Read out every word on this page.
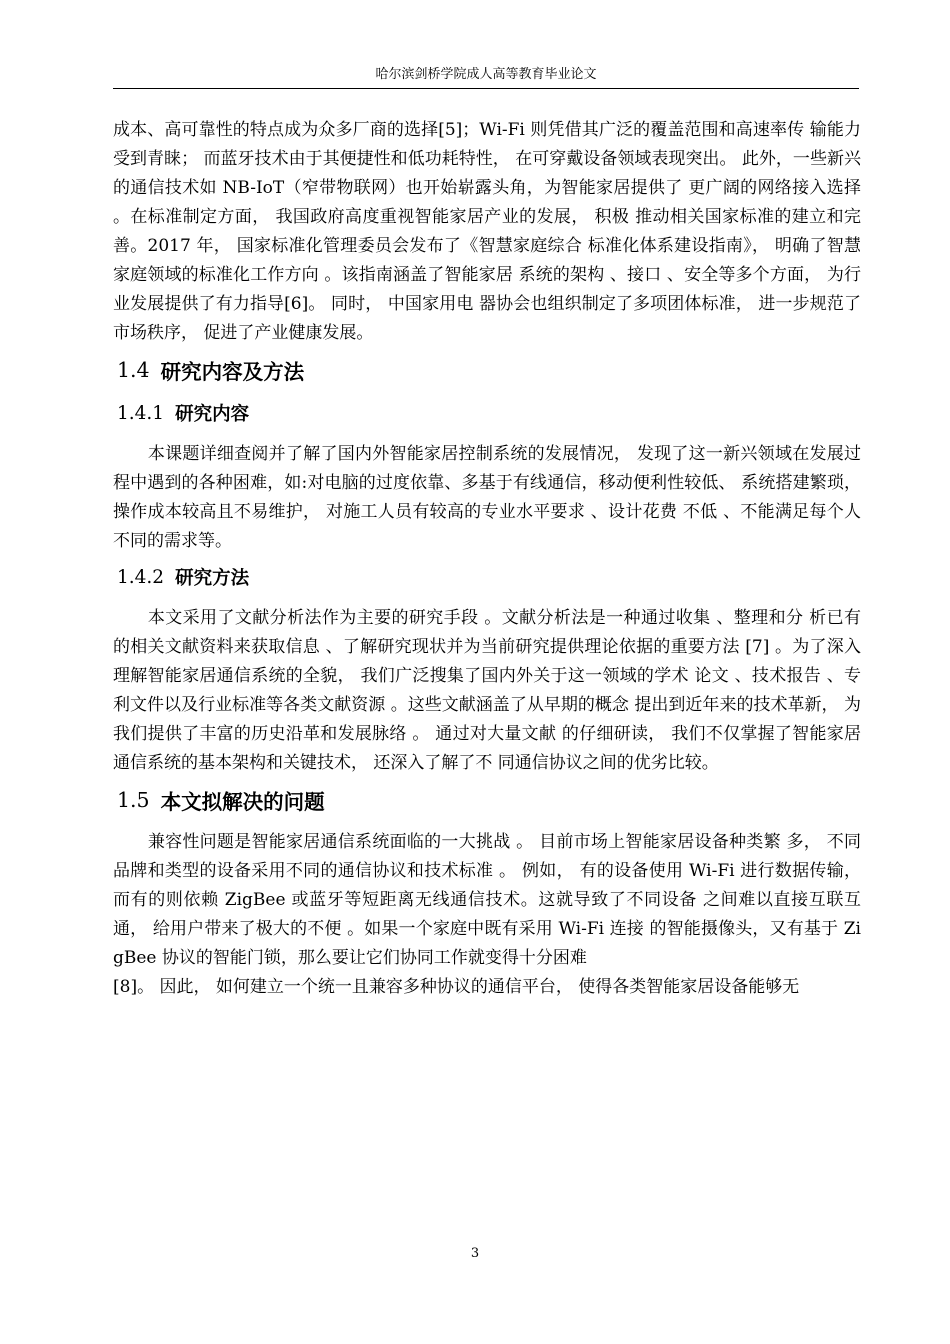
哈尔滨剑桥学院成人高等教育毕业论文

成本、高可靠性的特点成为众多厂商的选择[5]；Wi-Fi 则凭借其广泛的覆盖范围和高速率传 输能力受到青睐； 而蓝牙技术由于其便捷性和低功耗特性， 在可穿戴设备领域表现突出。 此外，一些新兴的通信技术如 NB-IoT（窄带物联网）也开始崭露头角，为智能家居提供了 更广阔的网络接入选择 。在标准制定方面， 我国政府高度重视智能家居产业的发展， 积极 推动相关国家标准的建立和完善。2017 年， 国家标准化管理委员会发布了《智慧家庭综合 标准化体系建设指南》， 明确了智慧家庭领域的标准化工作方向 。该指南涵盖了智能家居 系统的架构 、接口 、安全等多个方面， 为行业发展提供了有力指导[6]。 同时， 中国家用电 器协会也组织制定了多项团体标准， 进一步规范了市场秩序， 促进了产业健康发展。

1.4 研究内容及方法
1.4.1 研究内容

本课题详细查阅并了解了国内外智能家居控制系统的发展情况， 发现了这一新兴领域在发展过程中遇到的各种困难，如:对电脑的过度依靠、多基于有线通信，移动便利性较低、 系统搭建繁琐， 操作成本较高且不易维护， 对施工人员有较高的专业水平要求 、设计花费 不低 、不能满足每个人不同的需求等。

1.4.2 研究方法

本文采用了文献分析法作为主要的研究手段 。文献分析法是一种通过收集 、整理和分 析已有的相关文献资料来获取信息 、了解研究现状并为当前研究提供理论依据的重要方法 [7] 。为了深入理解智能家居通信系统的全貌， 我们广泛搜集了国内外关于这一领域的学术 论文 、技术报告 、专利文件以及行业标准等各类文献资源 。这些文献涵盖了从早期的概念 提出到近年来的技术革新， 为我们提供了丰富的历史沿革和发展脉络 。 通过对大量文献 的仔细研读， 我们不仅掌握了智能家居通信系统的基本架构和关键技术， 还深入了解了不 同通信协议之间的优劣比较。

1.5 本文拟解决的问题

兼容性问题是智能家居通信系统面临的一大挑战 。 目前市场上智能家居设备种类繁 多， 不同品牌和类型的设备采用不同的通信协议和技术标准 。 例如， 有的设备使用 Wi-Fi 进行数据传输，而有的则依赖 ZigBee 或蓝牙等短距离无线通信技术。这就导致了不同设备 之间难以直接互联互通， 给用户带来了极大的不便 。如果一个家庭中既有采用 Wi-Fi 连接 的智能摄像头，又有基于 ZigBee 协议的智能门锁，那么要让它们协同工作就变得十分困难

[8]。 因此， 如何建立一个统一且兼容多种协议的通信平台， 使得各类智能家居设备能够无

3
